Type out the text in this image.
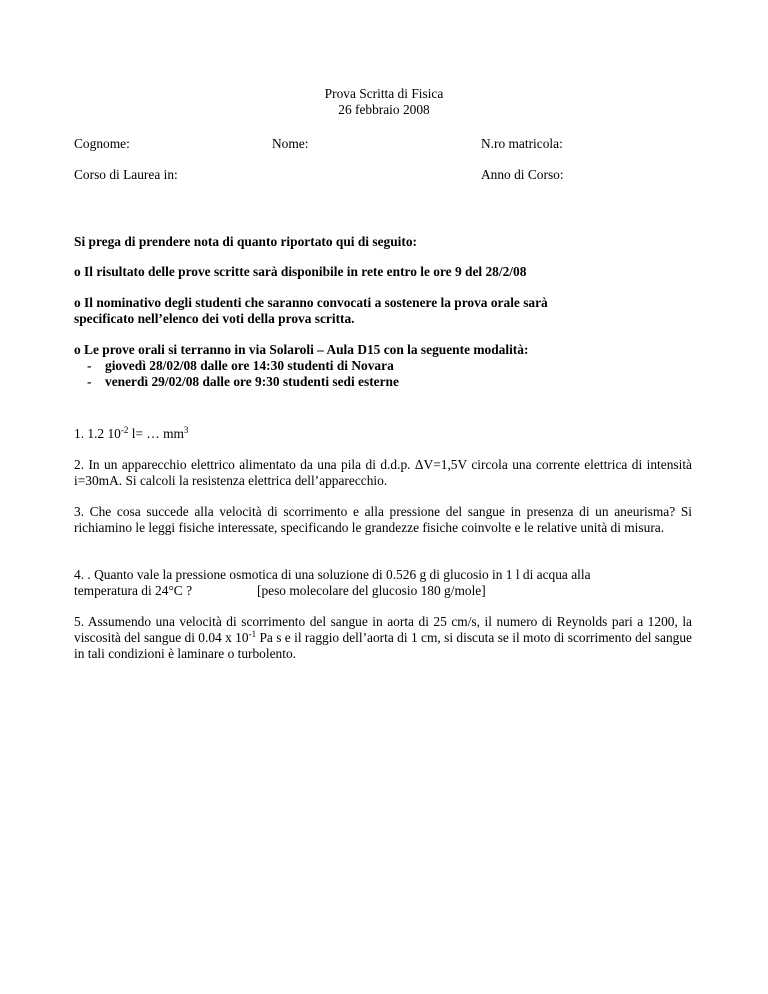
Prova Scritta di Fisica
26 febbraio 2008
Cognome:	Nome:	N.ro matricola:
Corso di Laurea in:	Anno di Corso:
Si prega di prendere nota di quanto riportato qui di seguito:
o Il risultato delle prove scritte sarà disponibile in rete entro le ore 9 del 28/2/08
o Il nominativo degli studenti che saranno convocati a sostenere la prova orale sarà
specificato nell’elenco dei voti della prova scritta.
o Le prove orali si terranno in via Solaroli – Aula D15 con la seguente modalità:
- giovedì 28/02/08 dalle ore 14:30 studenti di Novara
- venerdì 29/02/08 dalle ore 9:30 studenti sedi esterne
1. 1.2 $10^{-2}$ l= … $mm^3$
2. In un apparecchio elettrico alimentato da una pila di d.d.p. ΔV=1,5V circola una corrente elettrica di intensità i=30mA. Si calcoli la resistenza elettrica dell’apparecchio.
3. Che cosa succede alla velocità di scorrimento e alla pressione del sangue in presenza di un aneurisma? Si richiamino le leggi fisiche interessate, specificando le grandezze fisiche coinvolte e le relative unità di misura.
4. . Quanto vale la pressione osmotica di una soluzione di 0.526 g di glucosio in 1 l di acqua alla
temperatura di 24°C ?	[peso molecolare del glucosio 180 g/mole]
5. Assumendo una velocità di scorrimento del sangue in aorta di 25 cm/s, il numero di Reynolds pari a 1200, la viscosità del sangue di 0.04 x $10^{-1}$ Pa s e il raggio dell’aorta di 1 cm, si discuta se il moto di scorrimento del sangue in tali condizioni è laminare o turbolento.
